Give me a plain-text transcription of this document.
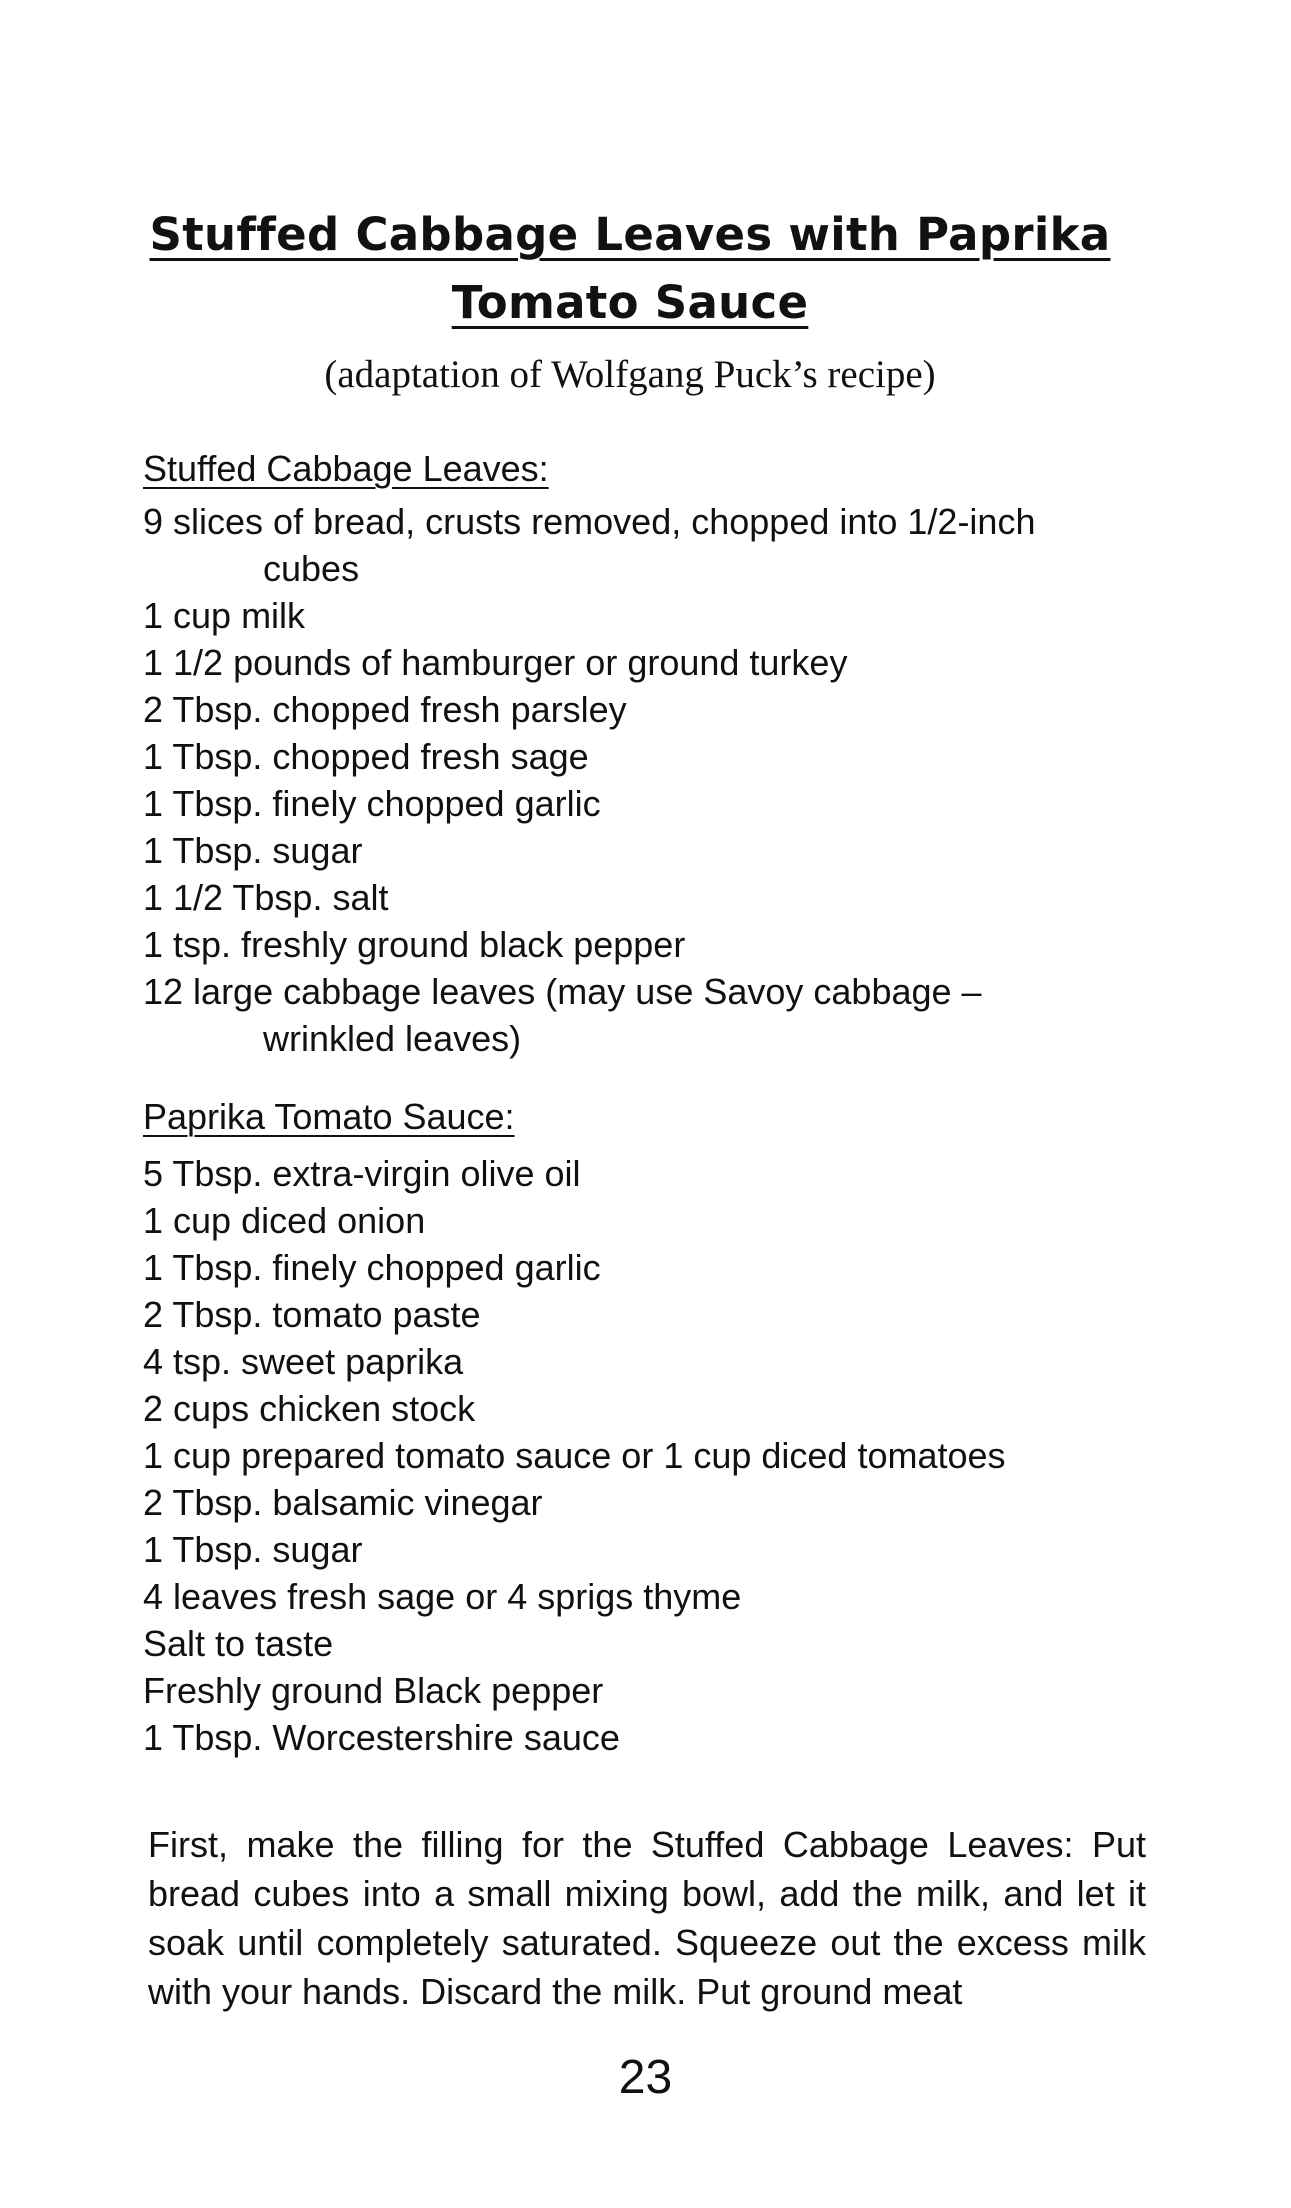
Stuffed Cabbage Leaves with Paprika
Tomato Sauce
(adaptation of Wolfgang Puck’s recipe)
Stuffed Cabbage Leaves:
9 slices of bread, crusts removed, chopped into 1/2-inch
cubes
1 cup milk
1 1/2 pounds of hamburger or ground turkey
2 Tbsp. chopped fresh parsley
1 Tbsp. chopped fresh sage
1 Tbsp. finely chopped garlic
1 Tbsp. sugar
1 1/2 Tbsp. salt
1 tsp. freshly ground black pepper
12 large cabbage leaves (may use Savoy cabbage –
wrinkled leaves)
Paprika Tomato Sauce:
5 Tbsp. extra-virgin olive oil
1 cup diced onion
1 Tbsp. finely chopped garlic
2 Tbsp. tomato paste
4 tsp. sweet paprika
2 cups chicken stock
1 cup prepared tomato sauce or 1 cup diced tomatoes
2 Tbsp. balsamic vinegar
1 Tbsp. sugar
4 leaves fresh sage or 4 sprigs thyme
Salt to taste
Freshly ground Black pepper
1 Tbsp. Worcestershire sauce

First, make the filling for the Stuffed Cabbage Leaves: Put bread cubes into a small mixing bowl, add the milk, and let it soak until completely saturated. Squeeze out the excess milk with your hands. Discard the milk. Put ground meat

23
